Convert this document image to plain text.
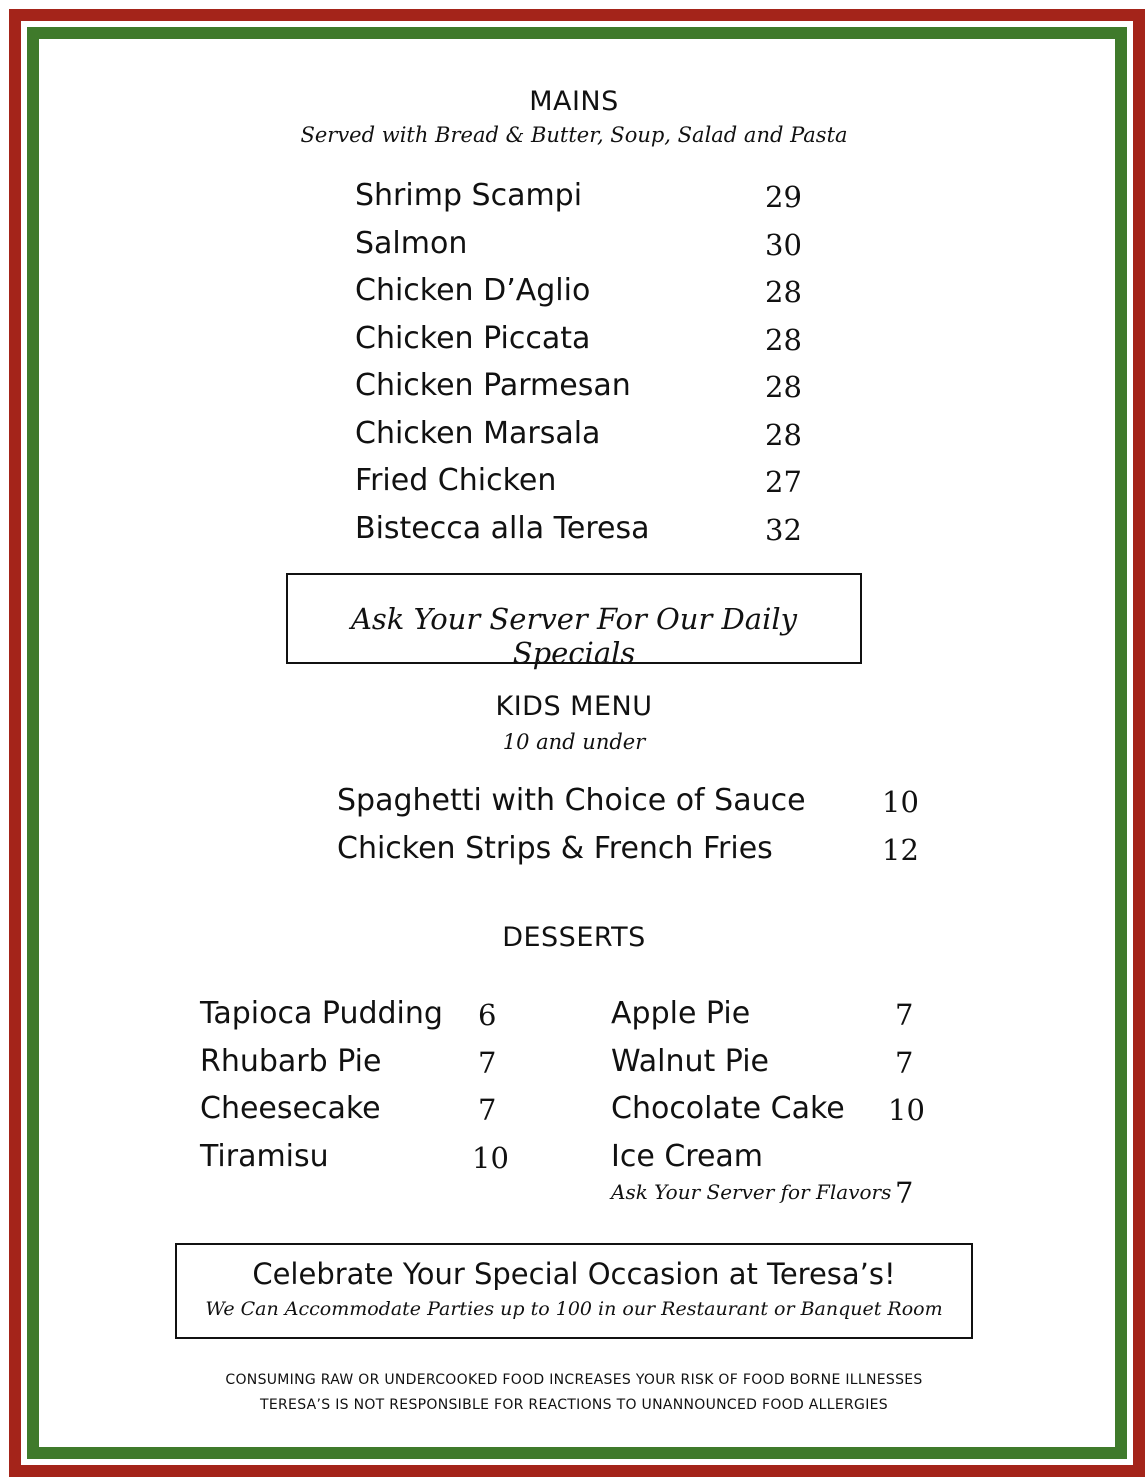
MAINS
Served with Bread & Butter, Soup, Salad and Pasta
Shrimp Scampi	29
Salmon	30
Chicken D’Aglio	28
Chicken Piccata	28
Chicken Parmesan	28
Chicken Marsala	28
Fried Chicken	27
Bistecca alla Teresa	32
Ask Your Server For Our Daily Specials
KIDS MENU
10 and under
Spaghetti with Choice of Sauce	10
Chicken Strips & French Fries	12
DESSERTS
Tapioca Pudding 6
Rhubarb Pie	7
Cheesecake	7
Tiramisu	10
Apple Pie	7
Walnut Pie	7
Chocolate Cake 10
Ice Cream
Ask Your Server for Flavors 7
Celebrate Your Special Occasion at Teresa’s!
We Can Accommodate Parties up to 100 in our Restaurant or Banquet Room
CONSUMING RAW OR UNDERCOOKED FOOD INCREASES YOUR RISK OF FOOD BORNE ILLNESSES
TERESA’S IS NOT RESPONSIBLE FOR REACTIONS TO UNANNOUNCED FOOD ALLERGIES
